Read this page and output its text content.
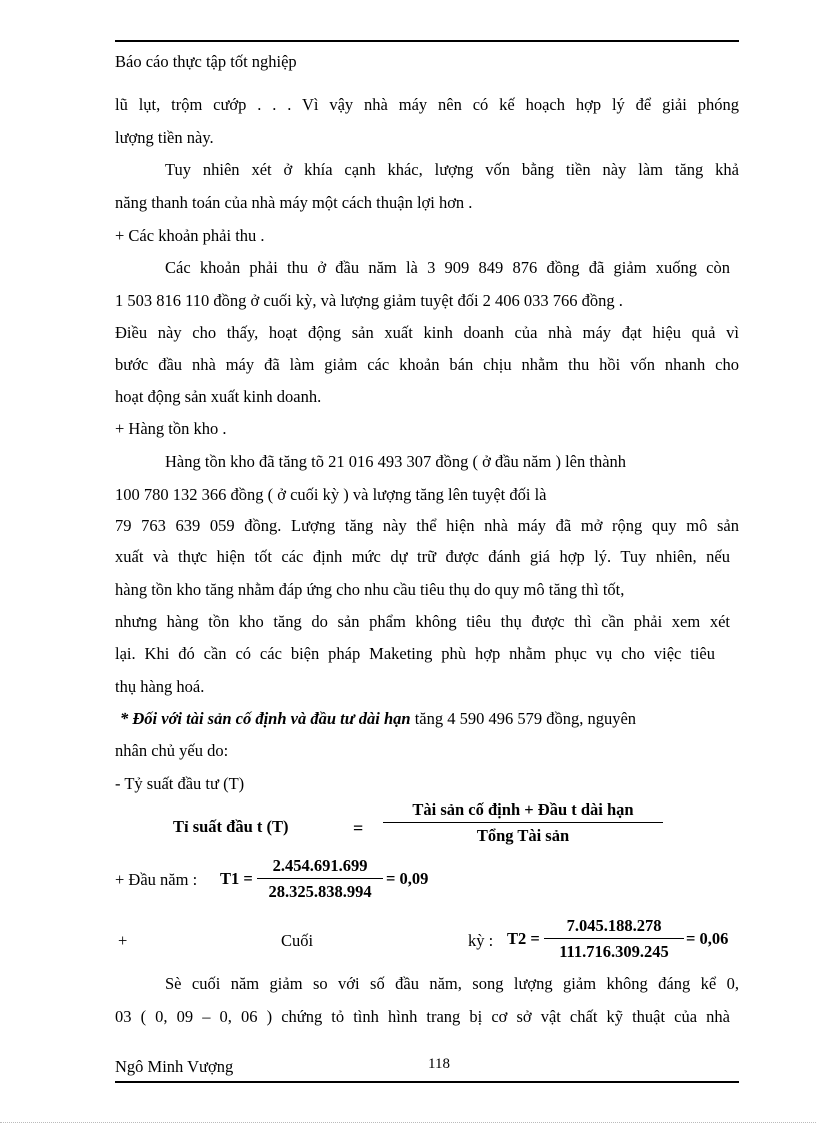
Báo cáo thực tập tốt nghiệp
lũ lụt, trộm cướp . . . Vì vậy nhà máy nên có kế hoạch hợp lý để giải phóng
lượng tiền này.
Tuy nhiên xét ở khía cạnh khác, lượng vốn bằng tiền này làm tăng khả
năng thanh toán của nhà máy một cách thuận lợi hơn .
+ Các khoản phải thu .
Các khoản phải thu ở đầu năm là 3 909 849 876 đồng đã giảm xuống còn
1 503 816 110 đồng ở cuối kỳ, và lượng giảm tuyệt đối 2 406 033 766 đồng .
Điều này cho thấy, hoạt động sản xuất kinh doanh của nhà máy đạt hiệu quả vì
bước đầu nhà máy đã làm giảm các khoản bán chịu nhằm thu hồi vốn nhanh cho
hoạt động sản xuất kinh doanh.
+ Hàng tồn kho .
Hàng tồn kho đã tăng tõ 21 016 493 307 đồng ( ở đầu năm ) lên thành
100 780 132 366 đồng ( ở cuối kỳ ) và lượng tăng lên tuyệt đối là
79 763 639 059 đồng. Lượng tăng này thể hiện nhà máy đã mở rộng quy mô sản
xuất và thực hiện tốt các định mức dự trữ được đánh giá hợp lý. Tuy nhiên, nếu
hàng tồn kho tăng nhằm đáp ứng cho nhu cầu tiêu thụ do quy mô tăng thì tốt,
nhưng hàng tồn kho tăng do sản phẩm không tiêu thụ được thì cần phải xem xét
lại. Khi đó cần có các biện pháp Maketing phù hợp nhằm phục vụ cho việc tiêu
thụ hàng hoá.
* Đối với tài sản cố định và đầu tư dài hạn tăng 4 590 496 579 đồng, nguyên
nhân chủ yếu do:
- Tỷ suất đầu tư (T)
Tỉ suất đầu t (T)	=
Tài sản cố định + Đầu t dài hạn
Tổng Tài sản
+ Đầu năm : T1 =
2.454.691.699
28.325.838.994
= 0,09
+	Cuối	kỳ : T2 =
7.045.188.278
111.716.309.245
= 0,06
Sè cuối năm giảm so với số đầu năm, song lượng giảm không đáng kể 0,
03 ( 0, 09 – 0, 06 ) chứng tỏ tình hình trang bị cơ sở vật chất kỹ thuật của nhà
Ngô Minh Vượng	118
